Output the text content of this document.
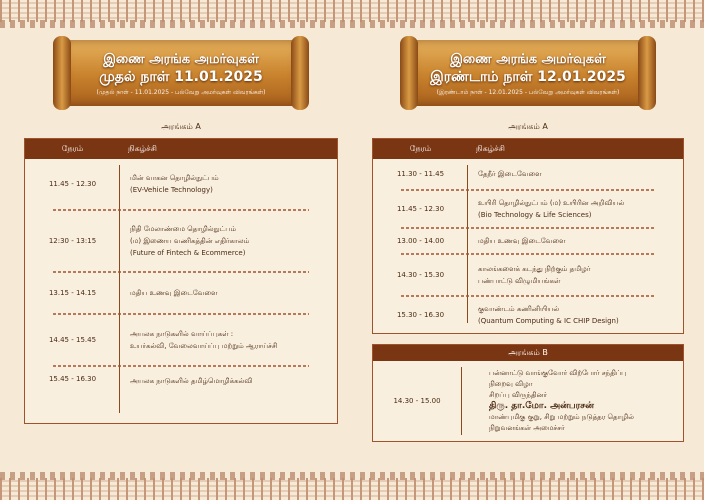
இணை அரங்க அமர்வுகள்
முதல் நாள் 11.01.2025
(முதல் நாள் - 11.01.2025 - பல்வேறு அமர்வுகள் விவரங்கள்)
அரங்கம் A
நேரம்	நிகழ்ச்சி
11.45 - 12.30
மின் வாகன தொழில்நுட்பம்
(EV-Vehicle Technology)
12:30 - 13:15
நிதி மேலாண்மை தொழில்நுட்பம்
(ம) இணைய வணிகத்தின் எதிர்காலம்
(Future of Fintech & Ecommerce)
13.15 - 14.15	மதிய உணவு இடைவேளை
14.45 - 15.45
அயலக நாடுகளில் வாய்ப்புகள் :
உயர்கல்வி, வேலைவாய்ப்பு மற்றும் ஆராய்ச்சி
15.45 - 16.30	அயலக நாடுகளில் தமிழ்மொழிக்கல்வி
இணை அரங்க அமர்வுகள்
இரண்டாம் நாள் 12.01.2025
(இரண்டாம் நாள் - 12.01.2025 - பல்வேறு அமர்வுகள் விவரங்கள்)
அரங்கம் A
நேரம்	நிகழ்ச்சி
11.30 - 11.45	தேநீர் இடைவேளை
11.45 - 12.30
உயிரி தொழில்நுட்பம் (ம) உயிரின அறிவியல்
(Bio Technology & Life Sciences)
13.00 - 14.00	மதிய உணவு இடைவேளை
14.30 - 15.30
காலங்களைக் கடந்து நிற்கும் தமிழர்
பண்பாட்டு விழுமியங்கள்
15.30 - 16.30
குவாண்டம் கணினியியல்
(Quantum Computing & IC CHIP Design)
அரங்கம் B
14.30 - 15.00
பன்னாட்டு வாங்குவோர் விற்போர் சந்திப்பு
நிறைவு விழா
சிறப்பு விருந்தினர்
திரு. தா.மோ. அன்பரசன்
மாண்புமிகு குறு, சிறு மற்றும் நடுத்தர தொழில்
நிறுவனங்கள் அமைச்சர்
